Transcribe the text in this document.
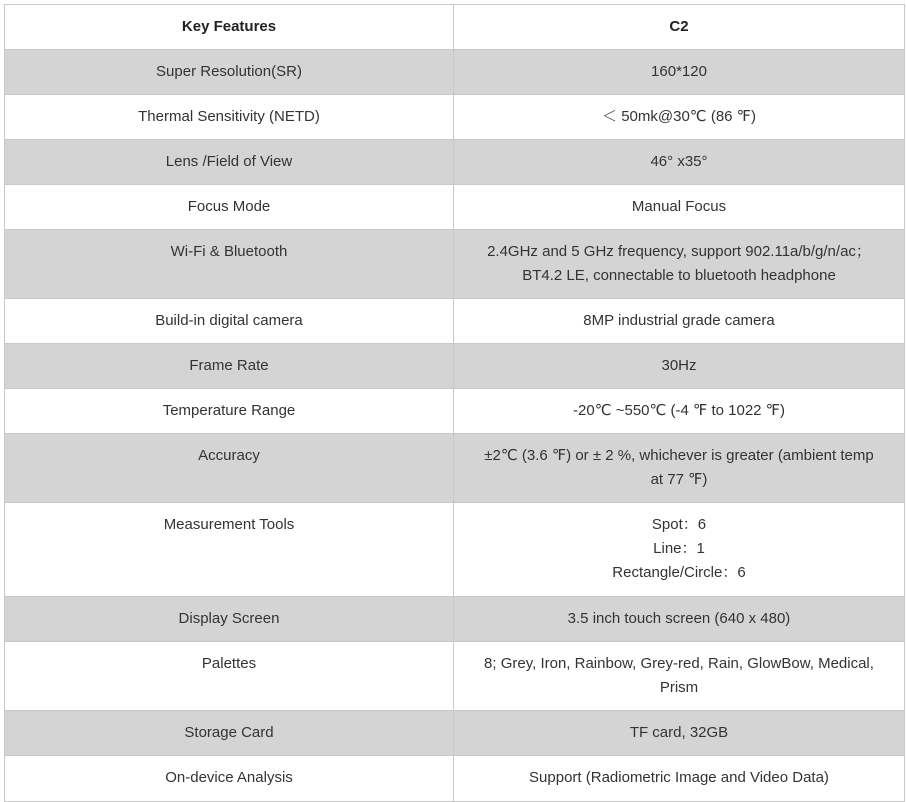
Key Features	C2
Super Resolution(SR)	160*120

Thermal Sensitivity (NETD)	＜ 50mk@30℃ (86 ℉)

Lens /Field of View	46° x35°

Focus Mode	Manual Focus

Wi-Fi & Bluetooth	2.4GHz and 5 GHz frequency, support 902.11a/b/g/n/ac；
BT4.2 LE, connectable to bluetooth headphone

Build-in digital camera	8MP industrial grade camera

Frame Rate	30Hz

Temperature Range	-20℃ ~550℃ (-4 ℉ to 1022 ℉)

Accuracy	±2℃ (3.6 ℉) or ± 2 %, whichever is greater (ambient temp
at 77 ℉)

Measurement Tools	Spot：6
Line：1
Rectangle/Circle：6

Display Screen	3.5 inch touch screen (640 x 480)

Palettes	8; Grey, Iron, Rainbow, Grey-red, Rain, GlowBow, Medical,
Prism

Storage Card	TF card, 32GB

On-device Analysis	Support (Radiometric Image and Video Data)
